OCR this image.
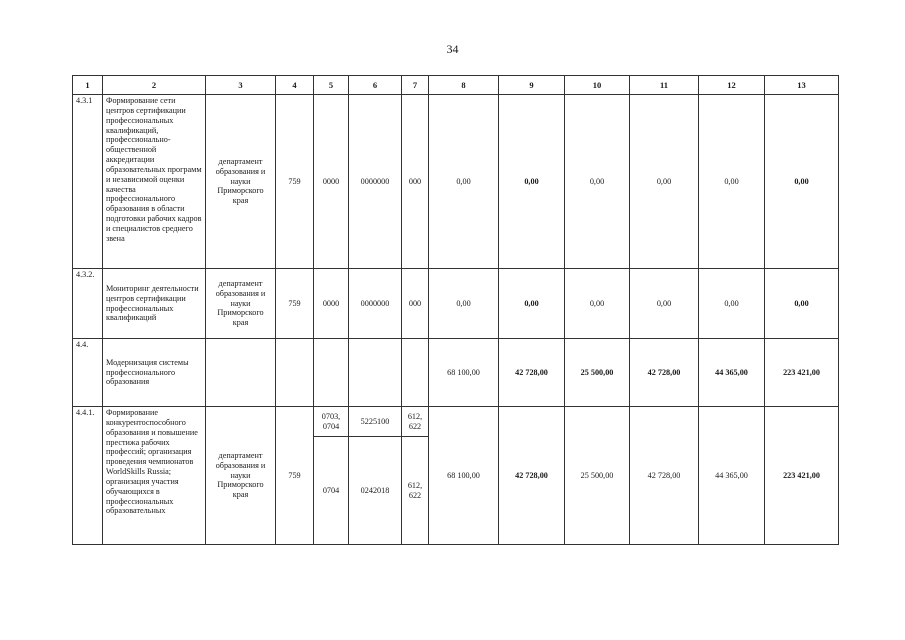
34
1	2	3	4	5	6	7	8	9	10	11	12	13
4.3.1	Формирование сети центров сертификации профессиональных квалификаций, профессионально-общественной аккредитации образовательных программ и независимой оценки качества профессионального образования в области подготовки рабочих кадров и специалистов среднего звена	департамент образования и науки Приморского края	759	0000	0000000	000	0,00	0,00	0,00	0,00	0,00	0,00
4.3.2.	Мониторинг деятельности центров сертификации профессиональных квалификаций	департамент образования и науки Приморского края	759	0000	0000000	000	0,00	0,00	0,00	0,00	0,00	0,00
4.4.	Модернизация системы профессионального образования						68 100,00	42 728,00	25 500,00	42 728,00	44 365,00	223 421,00
4.4.1.	Формирование конкурентоспособного образования и повышение престижа рабочих профессий; организация проведения чемпионатов WorldSkills Russia; организация участия обучающихся в профессиональных образовательных	департамент образования и науки Приморского края	759	0703, 0704	5225100	612, 622	68 100,00	42 728,00	25 500,00	42 728,00	44 365,00	223 421,00
				0704	0242018	612, 622						
